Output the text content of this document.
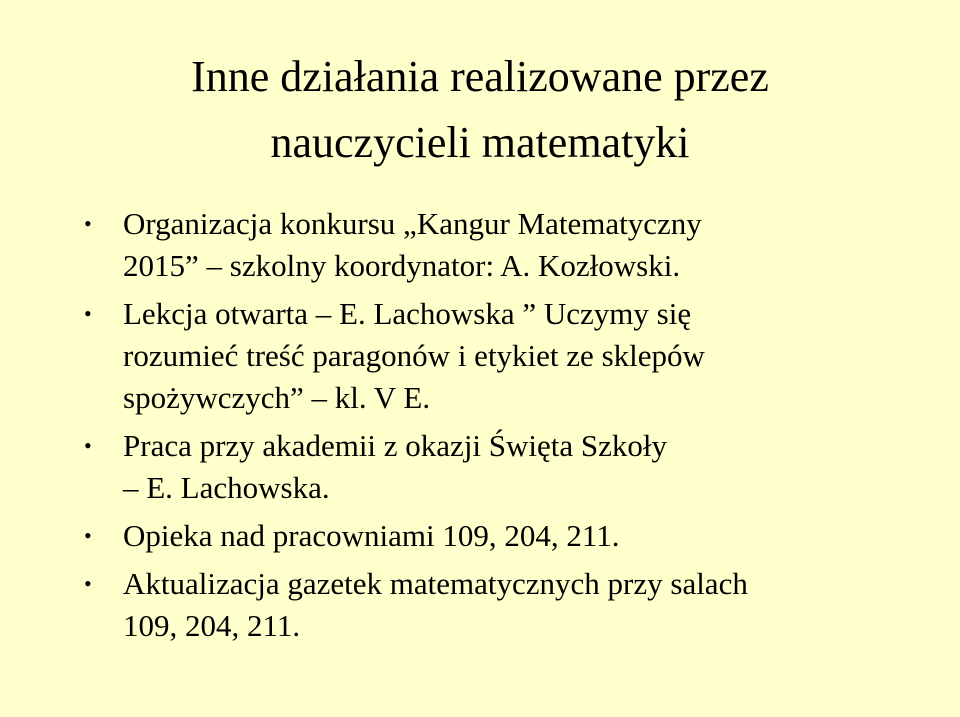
Inne działania realizowane przez
nauczycieli matematyki
• Organizacja konkursu „Kangur Matematyczny
2015” – szkolny koordynator: A. Kozłowski.
• Lekcja otwarta – E. Lachowska ” Uczymy się
rozumieć treść paragonów i etykiet ze sklepów
spożywczych” – kl. V E.
• Praca przy akademii z okazji Święta Szkoły
– E. Lachowska.
• Opieka nad pracowniami 109, 204, 211.
• Aktualizacja gazetek matematycznych przy salach
109, 204, 211.
